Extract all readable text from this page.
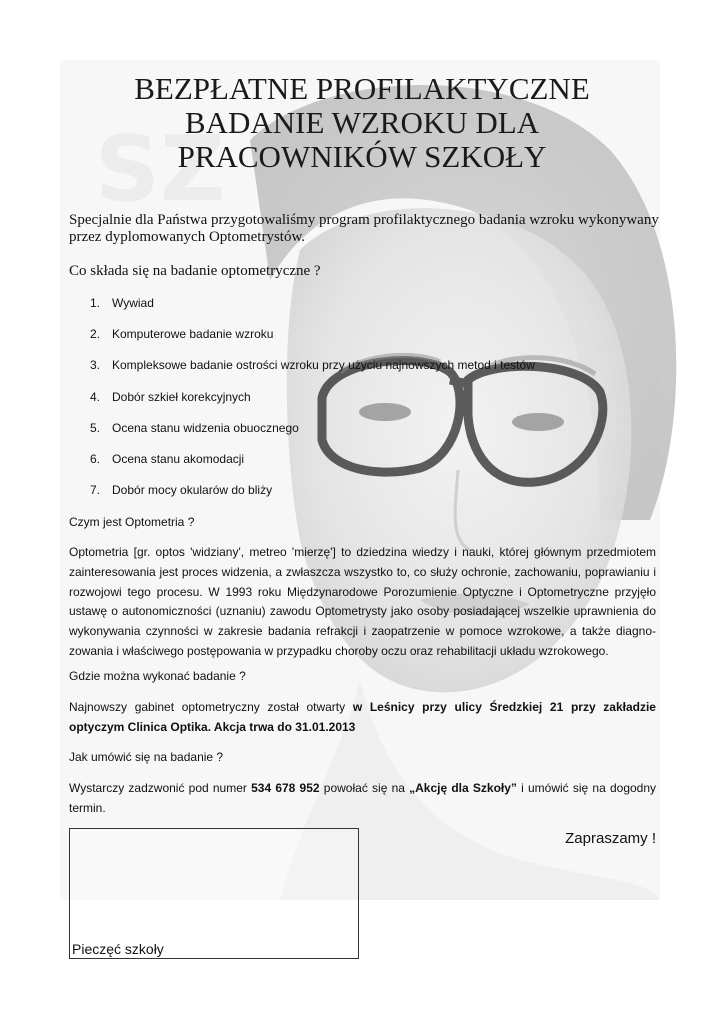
S Z
BEZPŁATNE PROFILAKTYCZNE
BADANIE WZROKU DLA
PRACOWNIKÓW SZKOŁY

Specjalnie dla Państwa przygotowaliśmy program profilaktycznego badania wzroku wykonywany przez dyplomowanych Optometrystów.

Co składa się na badanie optometryczne ?

1. Wywiad
2. Komputerowe badanie wzroku
3. Kompleksowe badanie ostrości wzroku przy użyciu najnowszych metod i testów
4. Dobór szkieł korekcyjnych
5. Ocena stanu widzenia obuocznego
6. Ocena stanu akomodacji
7. Dobór mocy okularów do bliży

Czym jest Optometria ?

Optometria [gr. optos 'widziany', metreo 'mierzę'] to dziedzina wiedzy i nauki, której głównym przedmiotem zainteresowania jest proces widzenia, a zwłaszcza wszystko to, co służy ochronie, zachowaniu, poprawianiu i rozwojowi tego procesu. W 1993 roku Międzynarodowe Porozumienie Optyczne i Optometryczne przyjęło ustawę o autonomiczności (uznaniu) zawodu Optometrysty jako osoby posiadającej wszelkie uprawnienia do wykonywania czynności w zakresie badania refrakcji i zaopatrzenie w pomoce wzrokowe, a także diagno-zowania i właściwego postępowania w przypadku choroby oczu oraz rehabilitacji układu wzrokowego.

Gdzie można wykonać badanie ?

Najnowszy gabinet optometryczny został otwarty w Leśnicy przy ulicy Średzkiej 21 przy zakładzie optyczym Clinica Optika. Akcja trwa do 31.01.2013

Jak umówić się na badanie ?

Wystarczy zadzwonić pod numer 534 678 952 powołać się na „Akcję dla Szkoły” i umówić się na dogodny termin.

Pieczęć szkoły
Zapraszamy !
